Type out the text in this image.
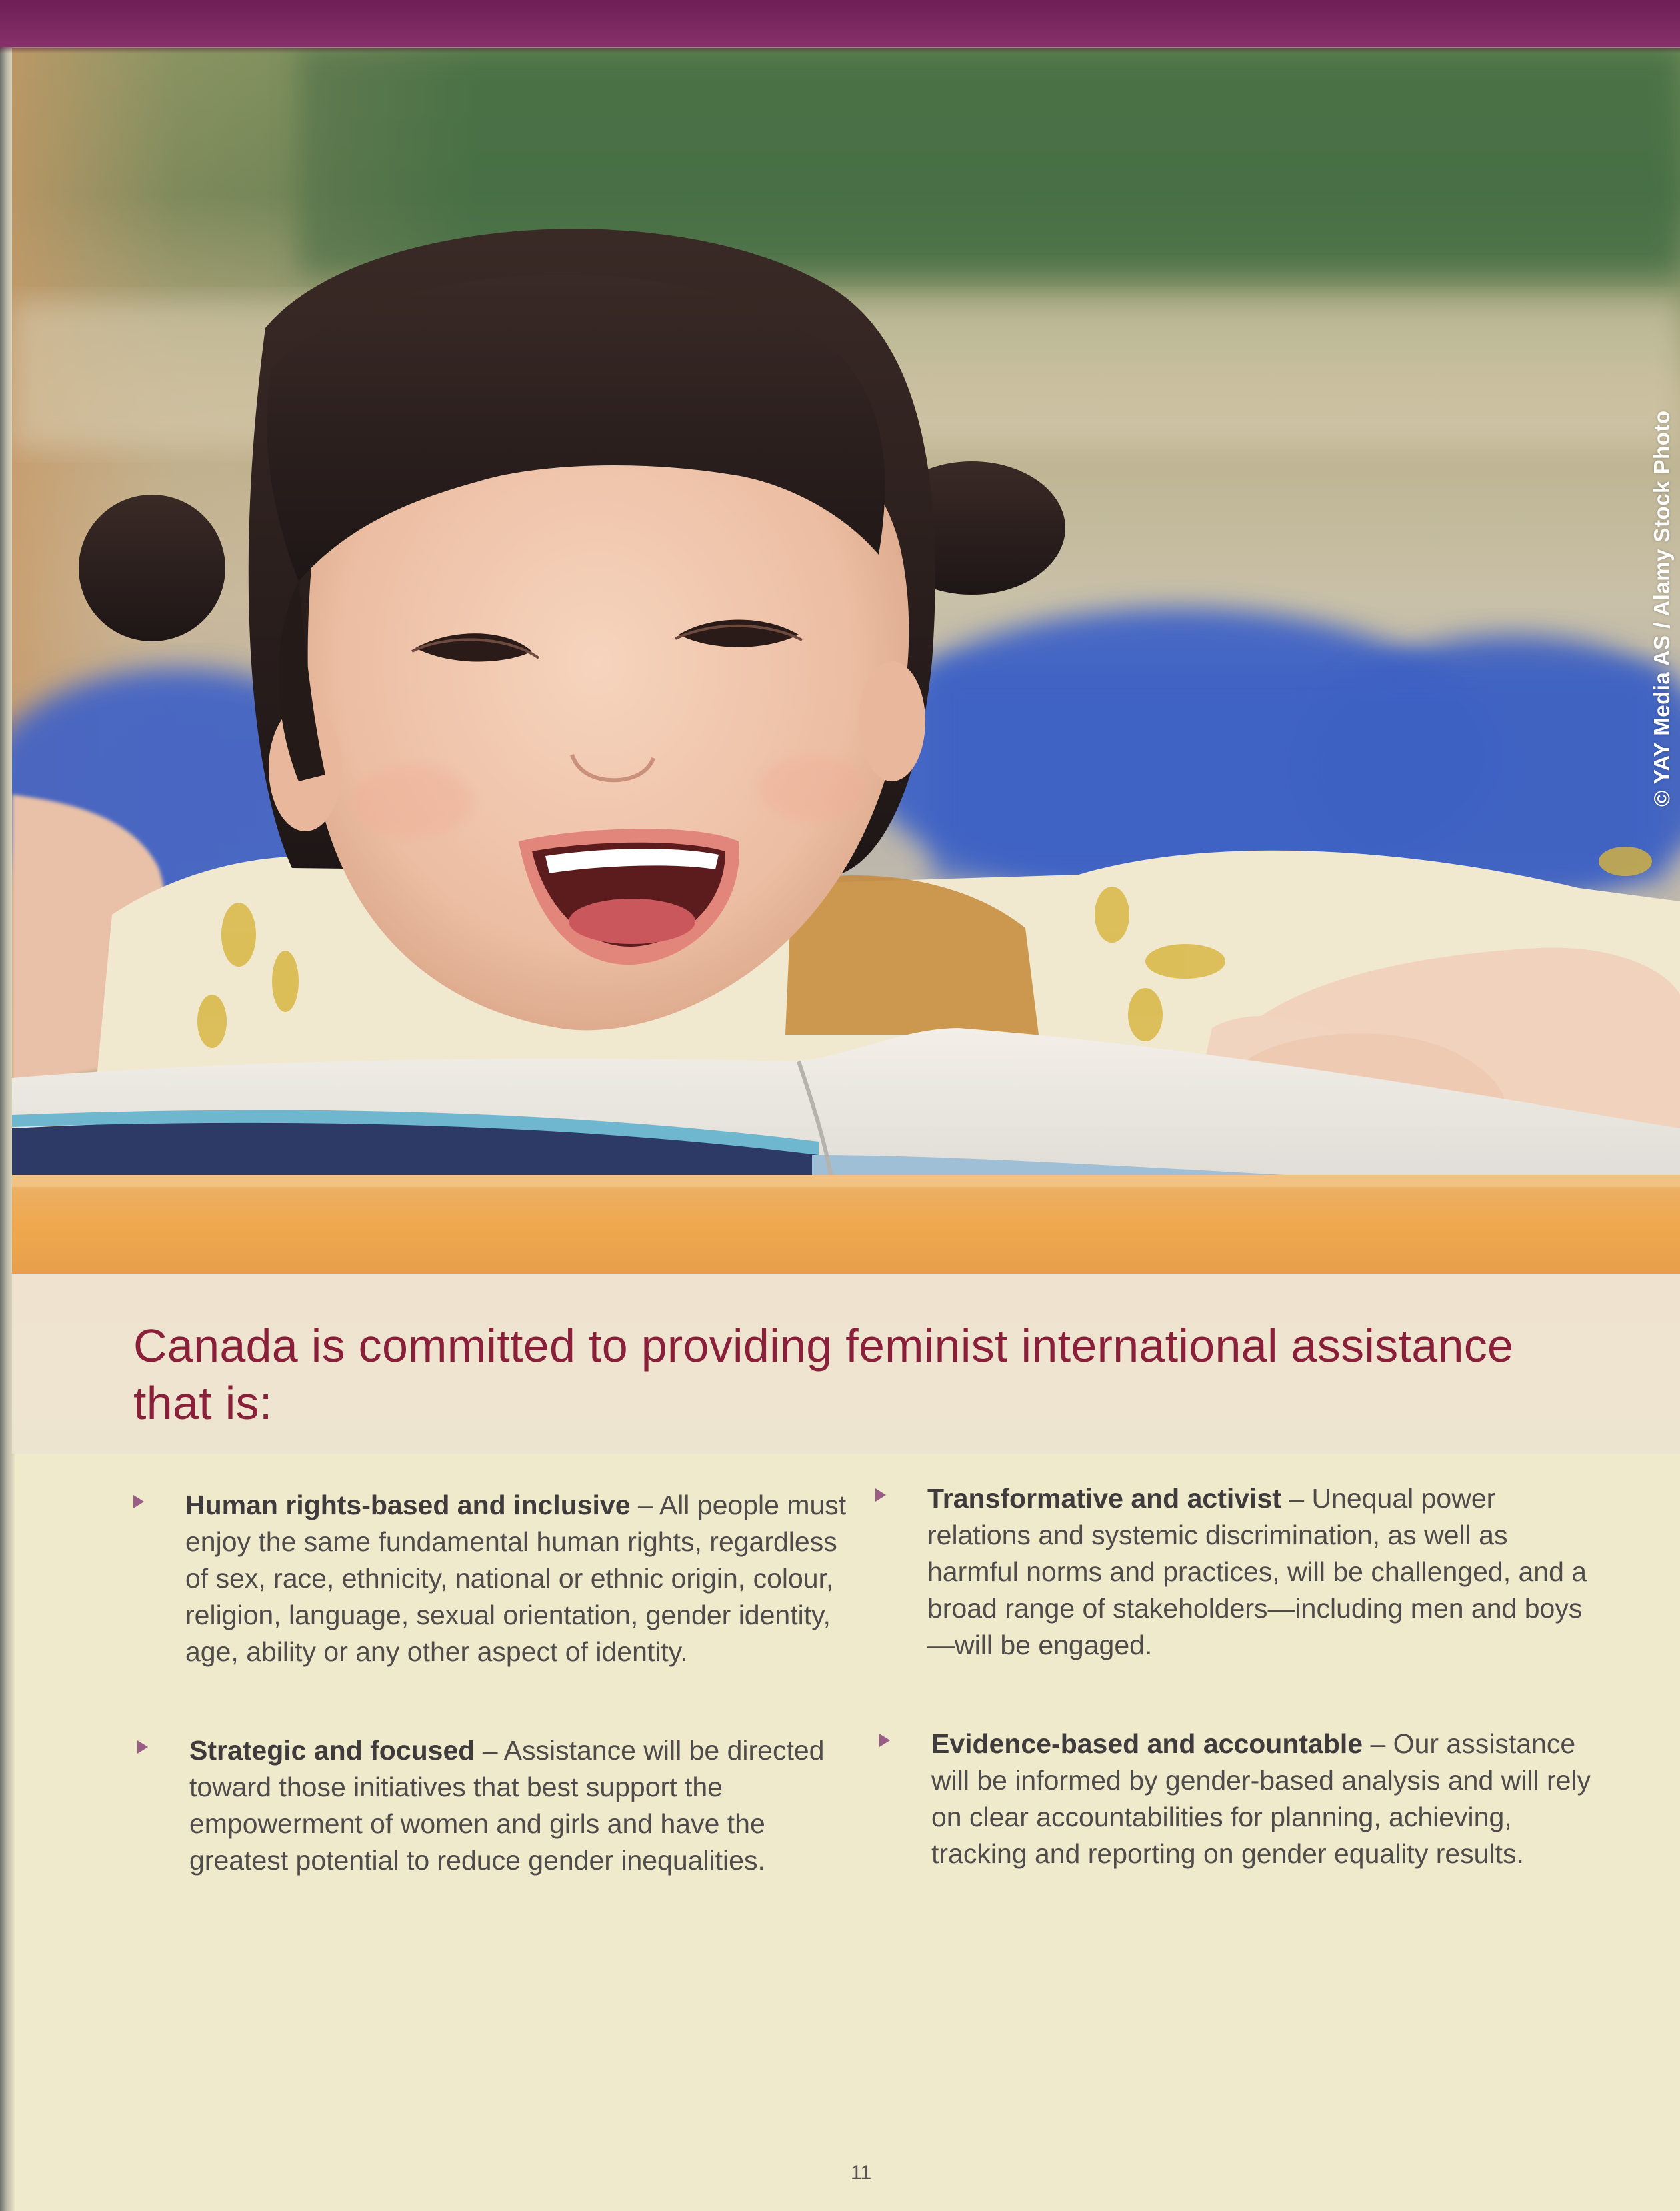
© YAY Media AS / Alamy Stock Photo
Canada is committed to providing feminist international assistance that is:
Human rights-based and inclusive – All people must enjoy the same fundamental human rights, regardless of sex, race, ethnicity, national or ethnic origin, colour, religion, language, sexual orientation, gender identity, age, ability or any other aspect of identity.
Strategic and focused – Assistance will be directed toward those initiatives that best support the empowerment of women and girls and have the greatest potential to reduce gender inequalities.
Transformative and activist – Unequal power relations and systemic discrimination, as well as harmful norms and practices, will be challenged, and a broad range of stakeholders—including men and boys—will be engaged.
Evidence-based and accountable – Our assistance will be informed by gender-based analysis and will rely on clear accountabilities for planning, achieving, tracking and reporting on gender equality results.
11
